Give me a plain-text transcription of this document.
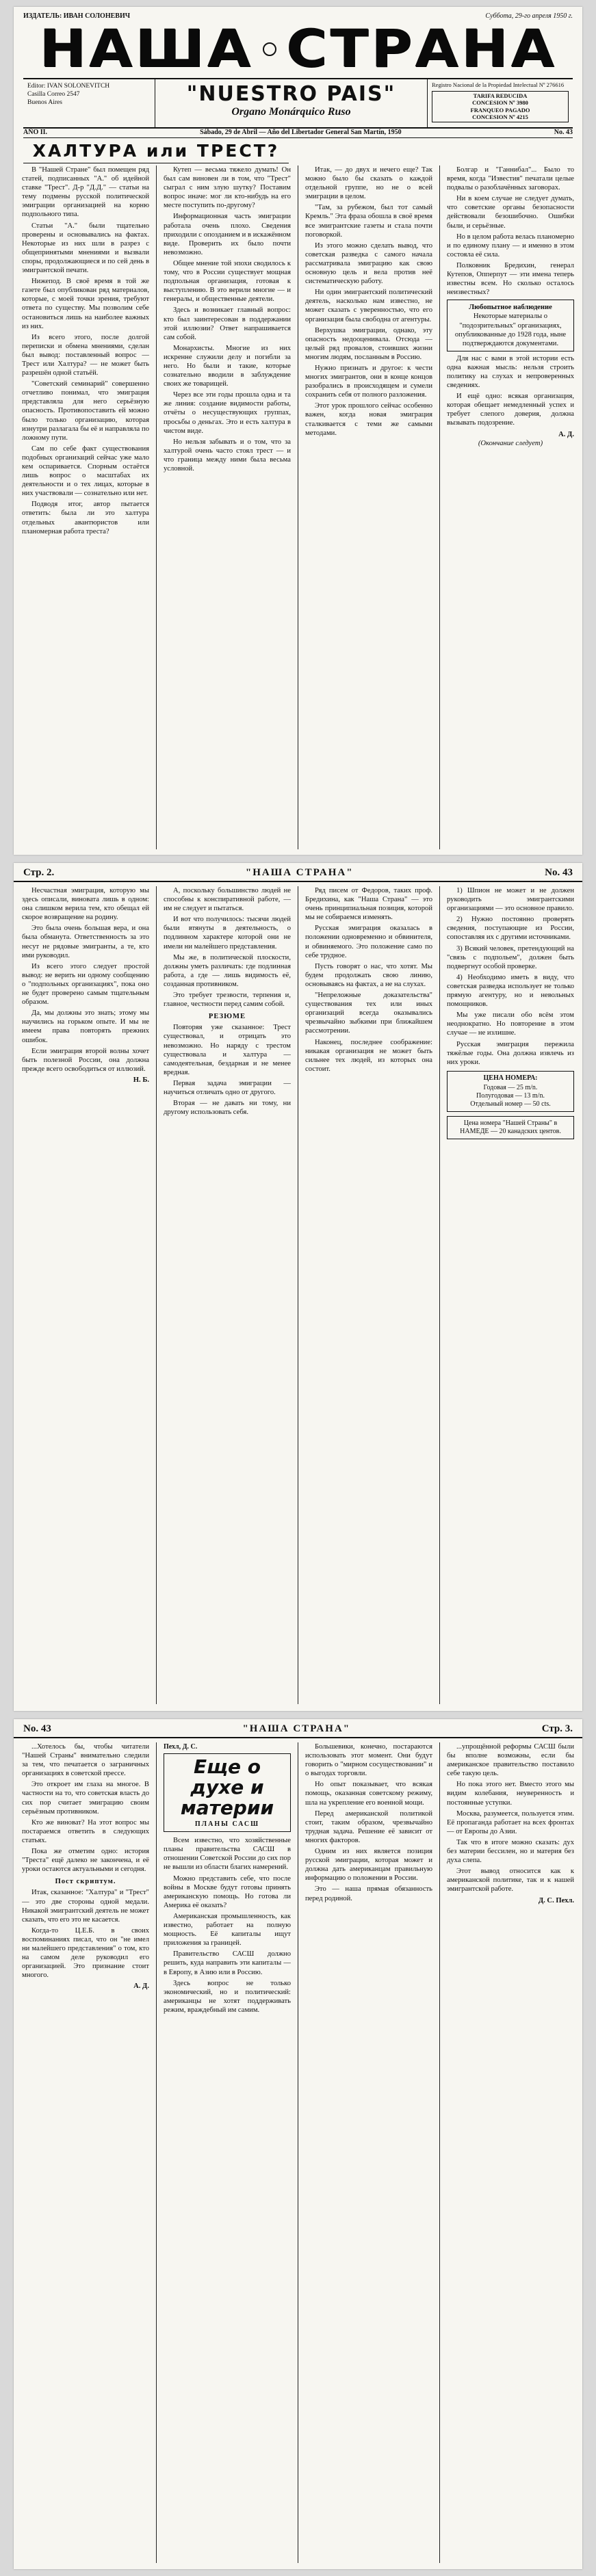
ИЗДАТЕЛЬ: ИВАН СОЛОНЕВИЧ	Суббота, 29-го апреля 1950 г.
НАША СТРАНА
Editor: IVAN SOLONEVITCH
Casilla Correo 2547
Buenos Aires	"NUESTRO PAIS"
Organo Monárquico Ruso
Registro Nacional de la Propiedad Intelectual Nº 276616
TARIFA REDUCIDA
CONCESION Nº 3980
FRANQUEO PAGADO
CONCESION Nº 4215
АÑО II.	Sábado, 29 de Abril — Año del Libertador General San Martín, 1950	No. 43
ХАЛТУРА или ТРЕСТ?

В "Нашей Стране" был помещен ряд статей, подписанных "А." об идейной ставке "Трест". Д-р "Д.Д." — статьи на тему подмены русской политической эмиграции организацией на корню подпольного типа.

Статьи "А." были тщательно проверены и основывались на фактах. Некоторые из них шли в разрез с общепринятыми мнениями и вызвали споры, продолжающиеся и по сей день в эмигрантской печати.

Нижепод. В своё время в той же газете был опубликован ряд материалов, которые, с моей точки зрения, требуют ответа по существу. Мы позволим себе остановиться лишь на наиболее важных из них.

Из всего этого, после долгой переписки и обмена мнениями, сделан был вывод: поставленный вопрос — Трест или Халтура? — не может быть разрешён одной статьёй.

"Советский семинарий" совершенно отчетливо понимал, что эмиграция представляла для него серьёзную опасность. Противопоставить ей можно было только организацию, которая изнутри разлагала бы её и направляла по ложному пути.

Сам по себе факт существования подобных организаций сейчас уже мало кем оспаривается. Спорным остаётся лишь вопрос о масштабах их деятельности и о тех лицах, которые в них участвовали — сознательно или нет.

Подводя итог, автор пытается ответить: была ли это халтура отдельных авантюристов или планомерная работа треста?

Кутеп — весьма тяжело думать! Он был сам виновен ли в том, что "Трест" сыграл с ним злую шутку? Поставим вопрос иначе: мог ли кто-нибудь на его месте поступить по-другому?

Информационная часть эмиграции работала очень плохо. Сведения приходили с опозданием и в искажённом виде. Проверить их было почти невозможно.

Общее мнение той эпохи сводилось к тому, что в России существует мощная подпольная организация, готовая к выступлению. В это верили многие — и генералы, и общественные деятели.

Здесь и возникает главный вопрос: кто был заинтересован в поддержании этой иллюзии? Ответ напрашивается сам собой.

Монархисты. Многие из них искренне служили делу и погибли за него. Но были и такие, которые сознательно вводили в заблуждение своих же товарищей.

Через все эти годы прошла одна и та же линия: создание видимости работы, отчёты о несуществующих группах, просьбы о деньгах. Это и есть халтура в чистом виде.

Но нельзя забывать и о том, что за халтурой очень часто стоял трест — и что граница между ними была весьма условной.

Итак, — до двух и нечего еще? Так можно было бы сказать о каждой отдельной группе, но не о всей эмиграции в целом.

"Там, за рубежом, был тот самый Кремль." Эта фраза обошла в своё время все эмигрантские газеты и стала почти поговоркой.

Из этого можно сделать вывод, что советская разведка с самого начала рассматривала эмиграцию как свою основную цель и вела против неё систематическую работу.

Ни один эмигрантский политический деятель, насколько нам известно, не может сказать с уверенностью, что его организация была свободна от агентуры.

Верхушка эмиграции, однако, эту опасность недооценивала. Отсюда — целый ряд провалов, стоивших жизни многим людям, посланным в Россию.

Нужно признать и другое: к чести многих эмигрантов, они в конце концов разобрались в происходящем и сумели сохранить себя от полного разложения.

Этот урок прошлого сейчас особенно важен, когда новая эмиграция сталкивается с теми же самыми методами.

Болгар и "Ганнибал"... Было то время, когда "Известия" печатали целые подвалы о разоблачённых заговорах.

Ни в коем случае не следует думать, что советские органы безопасности действовали безошибочно. Ошибки были, и серьёзные.

Но в целом работа велась планомерно и по единому плану — и именно в этом состояла её сила.

Полковник Бредихин, генерал Кутепов, Опперпут — эти имена теперь известны всем. Но сколько осталось неизвестных?

Любопытное наблюдение
Некоторые материалы о "подозрительных" организациях, опубликованные до 1928 года, ныне подтверждаются документами.

Для нас с вами в этой истории есть одна важная мысль: нельзя строить политику на слухах и непроверенных сведениях.

И ещё одно: всякая организация, которая обещает немедленный успех и требует слепого доверия, должна вызывать подозрение.

А. Д.
(Окончание следует)
Стр. 2.	"НАША СТРАНА"	No. 43

Несчастная эмиграция, которую мы здесь описали, виновата лишь в одном: она слишком верила тем, кто обещал ей скорое возвращение на родину.

Это была очень большая вера, и она была обманута. Ответственность за это несут не рядовые эмигранты, а те, кто ими руководил.

Из всего этого следует простой вывод: не верить ни одному сообщению о "подпольных организациях", пока оно не будет проверено самым тщательным образом.

Да, мы должны это знать; этому мы научились на горьком опыте. И мы не имеем права повторять прежних ошибок.

Если эмиграция второй волны хочет быть полезной России, она должна прежде всего освободиться от иллюзий.

Н. Б.

А, поскольку большинство людей не способны к конспиративной работе, — им не следует и пытаться.

И вот что получилось: тысячи людей были втянуты в деятельность, о подлинном характере которой они не имели ни малейшего представления.

Мы же, в политической плоскости, должны уметь различать: где подлинная работа, а где — лишь видимость её, созданная противником.

Это требует трезвости, терпения и, главное, честности перед самим собой.

РЕЗЮМЕ

Повторяя уже сказанное: Трест существовал, и отрицать это невозможно. Но наряду с трестом существовала и халтура — самодеятельная, бездарная и не менее вредная.

Первая задача эмиграции — научиться отличать одно от другого.

Вторая — не давать ни тому, ни другому использовать себя.

Ряд писем от Федоров, таких проф. Бредихина, как "Наша Страна" — это очень принципиальная позиция, которой мы не собираемся изменять.

Русская эмиграция оказалась в положении одновременно и обвинителя, и обвиняемого. Это положение само по себе трудное.

Пусть говорят о нас, что хотят. Мы будем продолжать свою линию, основываясь на фактах, а не на слухах.

"Непреложные доказательства" существования тех или иных организаций всегда оказывались чрезвычайно зыбкими при ближайшем рассмотрении.

Наконец, последнее соображение: никакая организация не может быть сильнее тех людей, из которых она состоит.

1) Шпион не может и не должен руководить эмигрантскими организациями — это основное правило.

2) Нужно постоянно проверять сведения, поступающие из России, сопоставляя их с другими источниками.

3) Всякий человек, претендующий на "связь с подпольем", должен быть подвергнут особой проверке.

4) Необходимо иметь в виду, что советская разведка использует не только прямую агентуру, но и невольных помощников.

Мы уже писали обо всём этом неоднократно. Но повторение в этом случае — не излишне.

Русская эмиграция пережила тяжёлые годы. Она должна извлечь из них уроки.

ЦЕНА НОМЕРА:
Годовая — 25 m/n.
Полугодовая — 13 m/n.
Отдельный номер — 50 cts.
Цена номера "Нашей Страны" в НАМЕДЕ — 20 канадских центов.
No. 43	"НАША СТРАНА"	Стр. 3.

...Хотелось бы, чтобы читатели "Нашей Страны" внимательно следили за тем, что печатается о заграничных организациях в советской прессе.

Это откроет им глаза на многое. В частности на то, что советская власть до сих пор считает эмиграцию своим серьёзным противником.

Кто же виноват? На этот вопрос мы постараемся ответить в следующих статьях.

Пока же отметим одно: история "Треста" ещё далеко не закончена, и её уроки остаются актуальными и сегодня.

Пост скриптум.

Итак, сказанное: "Халтура" и "Трест" — это две стороны одной медали. Никакой эмигрантский деятель не может сказать, что его это не касается.

Когда-то Ц.Е.Б. в своих воспоминаниях писал, что он "не имел ни малейшего представления" о том, кто на самом деле руководил его организацией. Это признание стоит многого.

А. Д.
Пехл, Д. С.
Еще о духе и материи
ПЛАНЫ САСШ

Всем известно, что хозяйственные планы правительства САСШ в отношении Советской России до сих пор не вышли из области благих намерений.

Можно представить себе, что после войны в Москве будут готовы принять американскую помощь. Но готова ли Америка её оказать?

Американская промышленность, как известно, работает на полную мощность. Её капиталы ищут приложения за границей.

Правительство САСШ должно решить, куда направить эти капиталы — в Европу, в Азию или в Россию.

Здесь вопрос не только экономический, но и политический: американцы не хотят поддерживать режим, враждебный им самим.

Большевики, конечно, постараются использовать этот момент. Они будут говорить о "мирном сосуществовании" и о выгодах торговли.

Но опыт показывает, что всякая помощь, оказанная советскому режиму, шла на укрепление его военной мощи.

Перед американской политикой стоит, таким образом, чрезвычайно трудная задача. Решение её зависит от многих факторов.

Одним из них является позиция русской эмиграции, которая может и должна дать американцам правильную информацию о положении в России.

Это — наша прямая обязанность перед родиной.

...упрощённой реформы САСШ были бы вполне возможны, если бы американское правительство поставило себе такую цель.

Но пока этого нет. Вместо этого мы видим колебания, неуверенность и постоянные уступки.

Москва, разумеется, пользуется этим. Её пропаганда работает на всех фронтах — от Европы до Азии.

Так что в итоге можно сказать: дух без материи бессилен, но и материя без духа слепа.

Этот вывод относится как к американской политике, так и к нашей эмигрантской работе.

Д. С. Пехл.
